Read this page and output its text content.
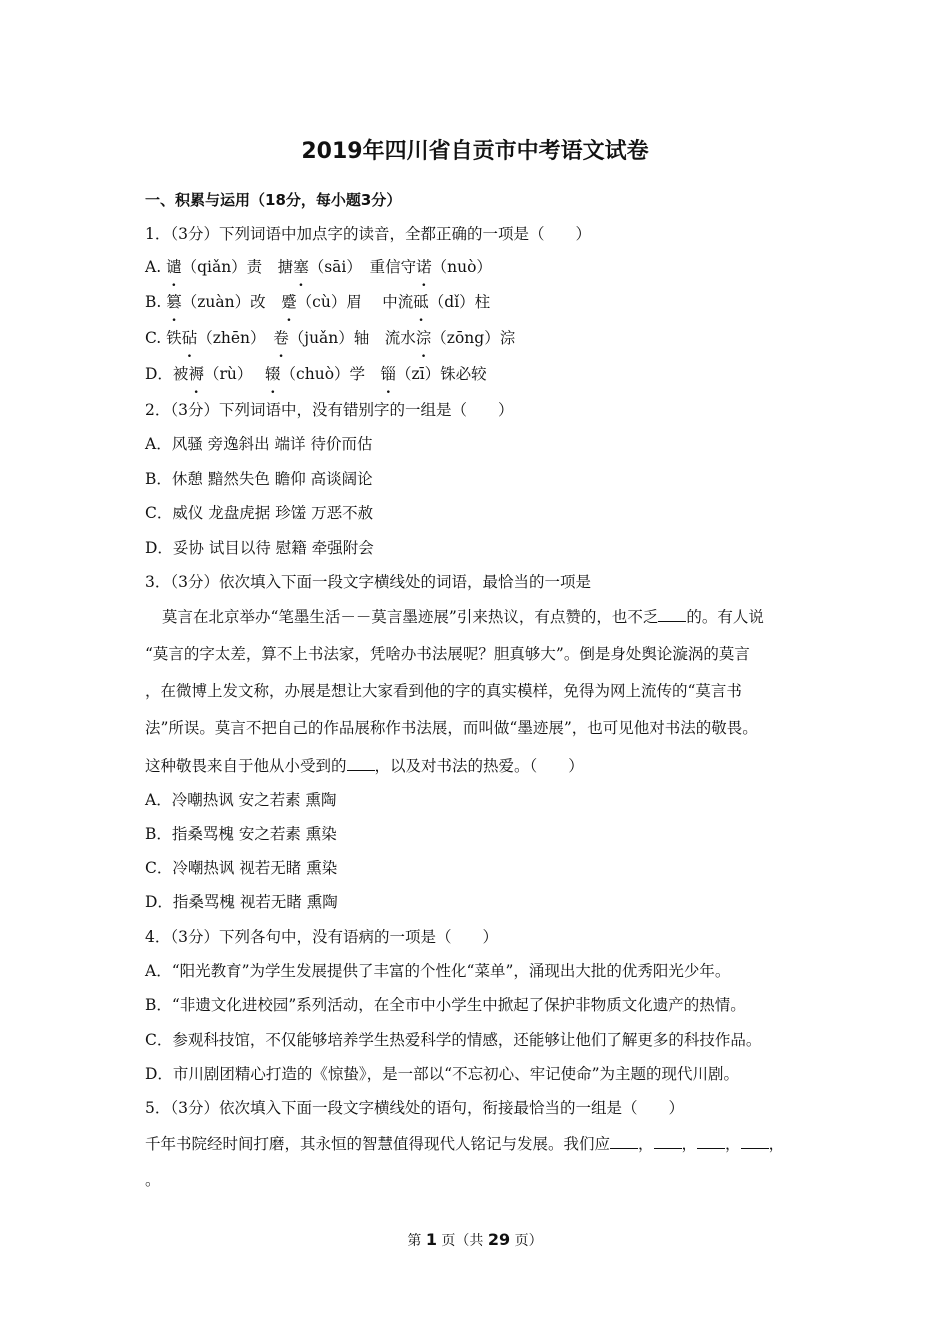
2019年四川省自贡市中考语文试卷
一、积累与运用（18分，每小题3分）
1．（3分）下列词语中加点字的读音，全都正确的一项是（　　）
A. 谴（qiǎn）责　搪塞（sāi）　重信守诺（nuò）
B. 篡（zuàn）改　蹙（cù）眉　 中流砥（dǐ）柱
C. 铁砧（zhēn）　卷（juǎn）轴　流水淙（zōng）淙
D．被褥（rù）　 辍（chuò）学　锱（zī）铢必较
2．（3分）下列词语中，没有错别字的一组是（　　）
A．风骚 旁逸斜出 端详 待价而估
B．休憩 黯然失色 瞻仰 高谈阔论
C．威仪 龙盘虎据 珍馐 万恶不赦
D．妥协 试目以待 慰籍 牵强附会
3．（3分）依次填入下面一段文字横线处的词语，最恰当的一项是
莫言在北京举办“笔墨生活－－莫言墨迹展”引来热议，有点赞的，也不乏 的。有人说
“莫言的字太差，算不上书法家，凭啥办书法展呢？胆真够大”。倒是身处舆论漩涡的莫言
，在微博上发文称，办展是想让大家看到他的字的真实模样，免得为网上流传的“莫言书
法”所误。莫言不把自己的作品展称作书法展，而叫做“墨迹展”，也可见他对书法的敬畏。
这种敬畏来自于他从小受到的 ，以及对书法的热爱。（　　）
A．冷嘲热讽 安之若素 熏陶
B．指桑骂槐 安之若素 熏染
C．冷嘲热讽 视若无睹 熏染
D．指桑骂槐 视若无睹 熏陶
4．（3分）下列各句中，没有语病的一项是（　　）
A．“阳光教育”为学生发展提供了丰富的个性化“菜单”，涌现出大批的优秀阳光少年。
B．“非遗文化进校园”系列活动，在全市中小学生中掀起了保护非物质文化遗产的热情。
C．参观科技馆，不仅能够培养学生热爱科学的情感，还能够让他们了解更多的科技作品。
D．市川剧团精心打造的《惊蛰》，是一部以“不忘初心、牢记使命”为主题的现代川剧。
5．（3分）依次填入下面一段文字横线处的语句，衔接最恰当的一组是（　　）
千年书院经时间打磨，其永恒的智慧值得现代人铭记与发展。我们应 ， ， ， ，
。
第 1 页（共 29 页）
